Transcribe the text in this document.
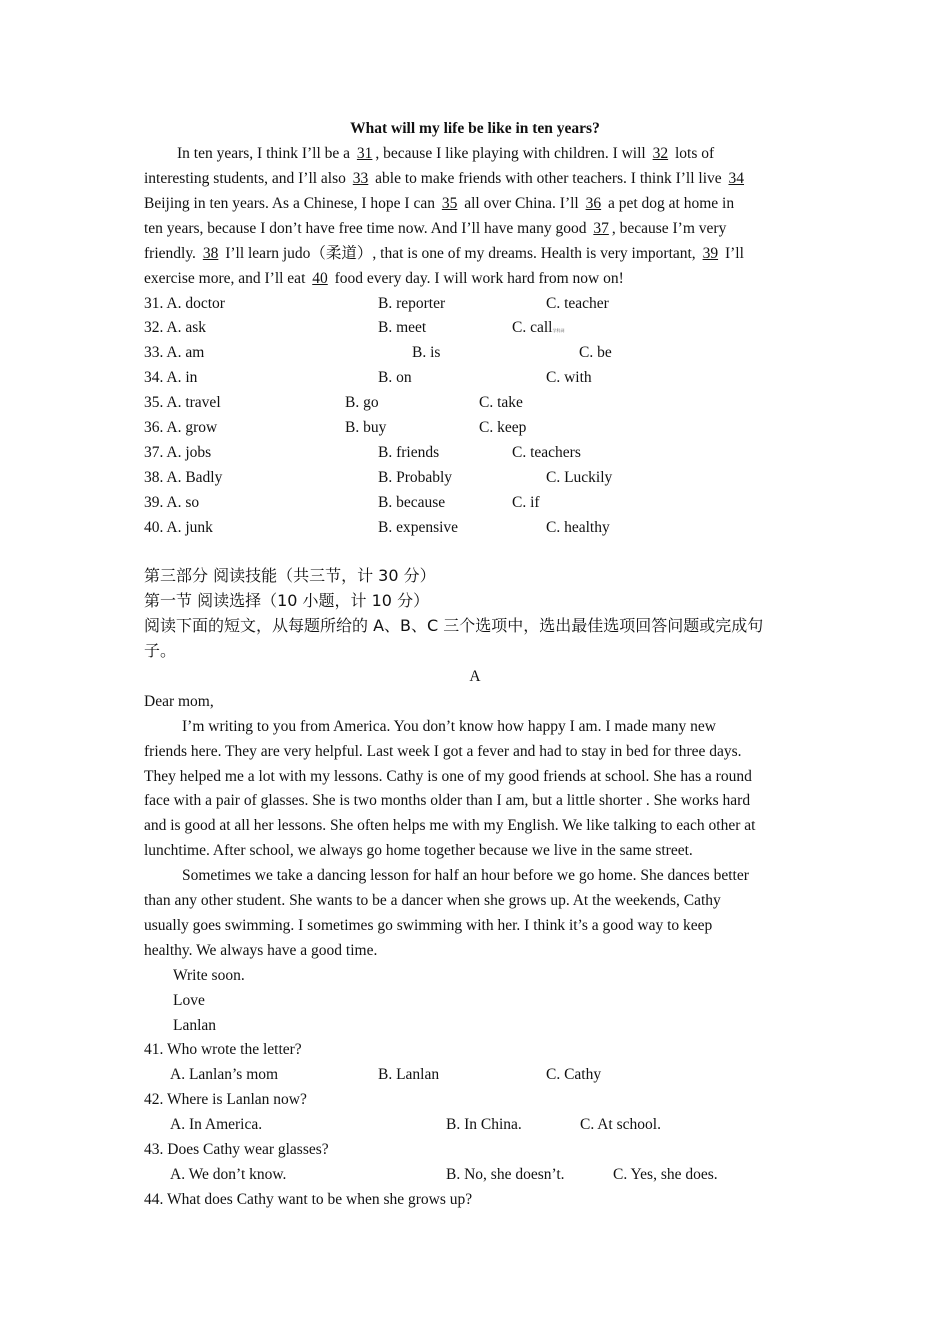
What will my life be like in ten years?
In ten years, I think I’ll be a 31 , because I like playing with children. I will 32 lots of
interesting students, and I’ll also 33 able to make friends with other teachers. I think I’ll live 34
Beijing in ten years. As a Chinese, I hope I can 35 all over China. I’ll 36 a pet dog at home in
ten years, because I don’t have free time now. And I’ll have many good 37 , because I’m very
friendly. 38 I’ll learn judo（柔道）, that is one of my dreams. Health is very important, 39 I’ll
exercise more, and I’ll eat 40 food every day. I will work hard from now on!
31. A. doctor	B. reporter	C. teacher
32. A. ask	B. meet	C. call学科网
33. A. am	B. is	C. be
34. A. in	B. on	C. with
35. A. travel	B. go	C. take
36. A. grow	B. buy	C. keep
37. A. jobs	B. friends	C. teachers
38. A. Badly	B. Probably	C. Luckily
39. A. so	B. because	C. if
40. A. junk	B. expensive	C. healthy
第三部分 阅读技能（共三节，计 30 分）
第一节 阅读选择（10 小题，计 10 分）
阅读下面的短文，从每题所给的 A、B、C 三个选项中，选出最佳选项回答问题或完成句
子。
A
Dear mom,
I’m writing to you from America. You don’t know how happy I am. I made many new
friends here. They are very helpful. Last week I got a fever and had to stay in bed for three days.
They helped me a lot with my lessons. Cathy is one of my good friends at school. She has a round
face with a pair of glasses. She is two months older than I am, but a little shorter . She works hard
and is good at all her lessons. She often helps me with my English. We like talking to each other at
lunchtime. After school, we always go home together because we live in the same street.
Sometimes we take a dancing lesson for half an hour before we go home. She dances better
than any other student. She wants to be a dancer when she grows up. At the weekends, Cathy
usually goes swimming. I sometimes go swimming with her. I think it’s a good way to keep
healthy. We always have a good time.
Write soon.
Love
Lanlan
41. Who wrote the letter?
A. Lanlan’s mom	B. Lanlan	C. Cathy
42. Where is Lanlan now?
A. In America.	B. In China.	C. At school.
43. Does Cathy wear glasses?
A. We don’t know.	B. No, she doesn’t.	C. Yes, she does.
44. What does Cathy want to be when she grows up?
